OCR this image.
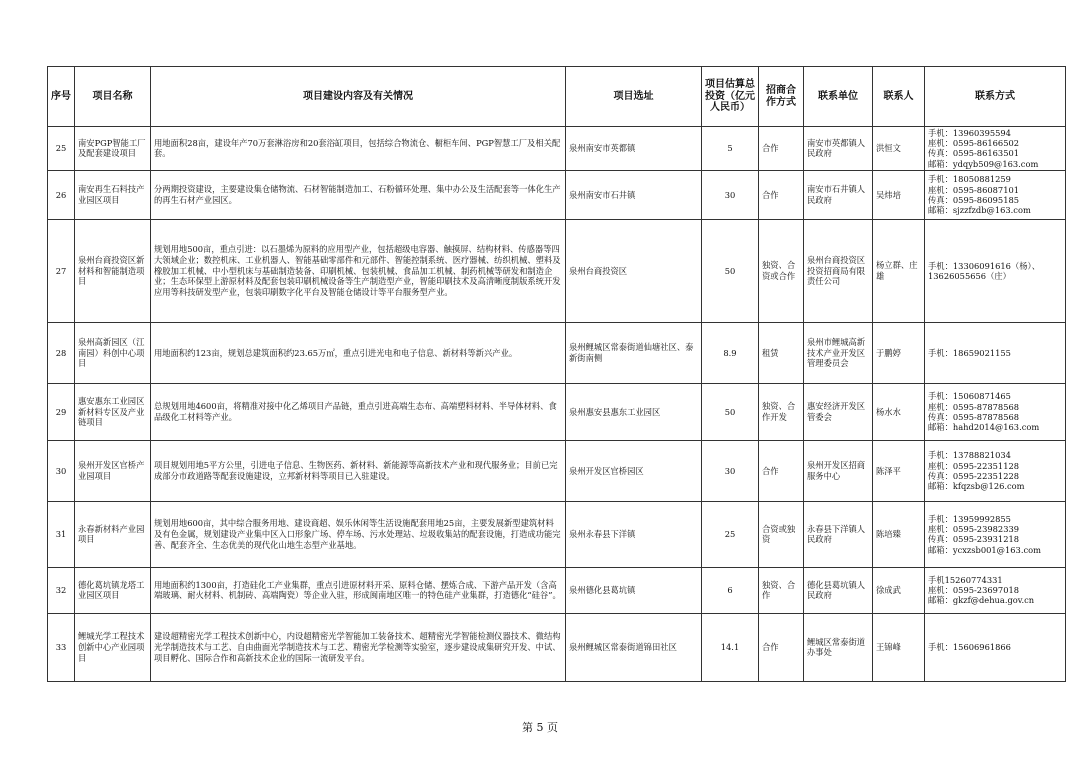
序号	项目名称	项目建设内容及有关情况	项目选址	项目估算总投资（亿元人民币）	招商合作方式	联系单位	联系人	联系方式
25	南安PGP智能工厂及配套建设项目	用地面积28亩，建设年产70万套淋浴房和20套浴缸项目，包括综合物流仓、橱柜车间、PGP智慧工厂及相关配套。	泉州南安市英都镇	5	合作	南安市英都镇人民政府	洪恒文	手机：13960395594
座机：0595-86166502
传真：0595-86163501
邮箱：ydqyb509@163.com

26	南安再生石料技产业园区项目	分两期投资建设，主要建设集仓储物流、石材智能制造加工、石粉循环处理、集中办公及生活配套等一体化生产的再生石材产业园区。	泉州南安市石井镇	30	合作	南安市石井镇人民政府	吴炜培	手机：18050881259
座机：0595-86087101
传真：0595-86095185
邮箱：sjzzfzdb@163.com

27	泉州台商投资区新材料和智能制造项目	规划用地500亩，重点引进：以石墨烯为原料的应用型产业，包括超级电容器、触摸屏、结构材料、传感器等四大领域企业；数控机床、工业机器人、智能基础零部件和元部件、智能控制系统、医疗器械、纺织机械、塑料及橡胶加工机械、中小型机床与基础制造装备、印刷机械、包装机械、食品加工机械、制药机械等研发和制造企业；生态环保型上游原材料及配套包装印刷机械设备等生产制造型产业，智能印刷技术及高清晰度制版系统开发应用等科技研发型产业，包装印刷数字化平台及智能仓储设计等平台服务型产业。	泉州台商投资区	50	独资、合资或合作	泉州台商投资区投资招商局有限责任公司	杨立群、庄雄	手机：13306091616（杨）、
13626055656（庄）

28	泉州高新园区（江南园）科创中心项目	用地面积约123亩，规划总建筑面积约23.65万㎡，重点引进光电和电子信息、新材料等新兴产业。	泉州鲤城区常泰街道仙塘社区、泰新街南侧	8.9	租赁	泉州市鲤城高新技术产业开发区管理委员会	于鹏婷	手机：18659021155

29	惠安惠东工业园区新材料专区及产业链项目	总规划用地4600亩，将精准对接中化乙烯项目产品链，重点引进高端生态布、高端塑料材料、半导体材料、食品级化工材料等产业。	泉州惠安县惠东工业园区	50	独资、合作开发	惠安经济开发区管委会	杨水水	手机：15060871465
座机：0595-87878568
传真：0595-87878568
邮箱：hahd2014@163.com

30	泉州开发区官桥产业园项目	项目规划用地5平方公里，引进电子信息、生物医药、新材料、新能源等高新技术产业和现代服务业；目前已完成部分市政道路等配套设施建设，立邦新材料等项目已入驻建设。	泉州开发区官桥园区	30	合作	泉州开发区招商服务中心	陈泽平	手机：13788821034
座机：0595-22351128
传真：0595-22351228
邮箱：kfqzsb@126.com

31	永春新材料产业园项目	规划用地600亩，其中综合服务用地、建设商超、娱乐休闲等生活设施配套用地25亩，主要发展新型建筑材料及有色金属，规划建设产业集中区入口形象广场、停车场、污水处理站、垃圾收集站的配套设施，打造成功能完善、配套齐全、生态优美的现代化山地生态型产业基地。	泉州永春县下洋镇	25	合资或独资	永春县下洋镇人民政府	陈培臻	手机：13959992855
座机：0595-23982339
传真：0595-23931218
邮箱：ycxzsb001@163.com

32	德化葛坑镇龙塔工业园区项目	用地面积约1300亩，打造硅化工产业集群，重点引进原材料开采、原料仓储、摆炼合成、下游产品开发（含高端玻璃、耐火材料、机制砖、高端陶瓷）等企业入驻，形成闽南地区唯一的特色硅产业集群，打造德化“硅谷”。	泉州德化县葛坑镇	6	独资、合作	德化县葛坑镇人民政府	徐成武	手机15260774331
座机：0595-23697018
邮箱：gkzf@dehua.gov.cn

33	鲤城光学工程技术创新中心产业园项目	建设超精密光学工程技术创新中心，内设超精密光学智能加工装备技术、超精密光学智能检测仪器技术、微结构光学制造技术与工艺、自由曲面光学制造技术与工艺、精密光学检测等实验室，逐步建设成集研究开发、中试、项目孵化、国际合作和高新技术企业的国际一流研发平台。	泉州鲤城区常泰街道锦田社区	14.1	合作	鲤城区常泰街道办事处	王锦峰	手机：15606961866
第 5 页
